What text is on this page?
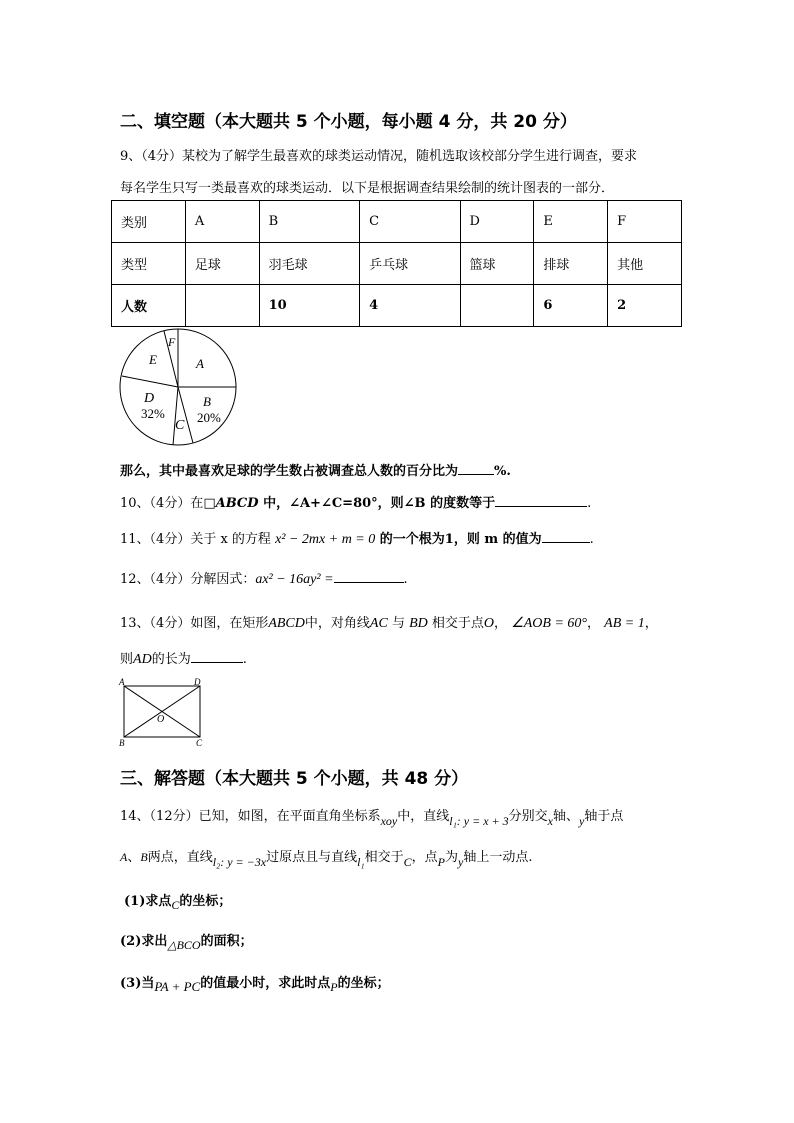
二、填空题（本大题共 5 个小题，每小题 4 分，共 20 分）
9、（4分）某校为了解学生最喜欢的球类运动情况，随机选取该校部分学生进行调查，要求
每名学生只写一类最喜欢的球类运动．以下是根据调查结果绘制的统计图表的一部分．
类别	A	B	C	D	E	F
类型	足球	羽毛球	乒乓球	篮球	排球	其他
人数		10	4		6	2
A
B
20%
C
D
32%
E
F
那么，其中最喜欢足球的学生数占被调查总人数的百分比为	%.
10、（4分）在□ABCD 中，∠A+∠C=80°，则∠B 的度数等于	.
11、（4分）关于 x 的方程 x² − 2mx + m = 0 的一个根为1，则 m 的值为	.
12、（4分）分解因式：ax² − 16ay² =	.
13、（4分）如图，在矩形ABCD中，对角线AC 与 BD 相交于点O， ∠AOB = 60°， AB = 1，
则AD的长为	.
A	D
B	C
O
三、解答题（本大题共 5 个小题，共 48 分）
14、（12分）已知，如图，在平面直角坐标系xoy中，直线l₁: y = x + 3分别交x轴、y轴于点
A、B两点，直线l₂: y = −3x过原点且与直线l₁相交于C，点P为y轴上一动点.
(1)求点C的坐标；
(2)求出△BCO的面积；
(3)当PA + PC的值最小时，求此时点P的坐标；
